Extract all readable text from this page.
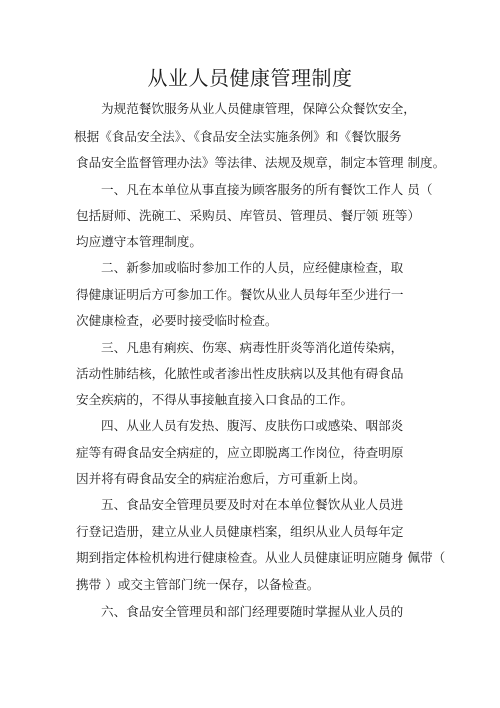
从业人员健康管理制度
为规范餐饮服务从业人员健康管理，保障公众餐饮安全，
根据《食品安全法》、《食品安全法实施条例》和《餐饮服务
食品安全监督管理办法》等法律、法规及规章，制定本管理 制度。
一、凡在本单位从事直接为顾客服务的所有餐饮工作人 员（
包括厨师、洗碗工、采购员、库管员、管理员、餐厅领 班等）
均应遵守本管理制度。
二、新参加或临时参加工作的人员，应经健康检查，取
得健康证明后方可参加工作。餐饮从业人员每年至少进行一
次健康检查，必要时接受临时检查。
三、凡患有痢疾、伤寒、病毒性肝炎等消化道传染病，
活动性肺结核，化脓性或者渗出性皮肤病以及其他有碍食品
安全疾病的，不得从事接触直接入口食品的工作。
四、从业人员有发热、腹泻、皮肤伤口或感染、咽部炎
症等有碍食品安全病症的，应立即脱离工作岗位，待查明原
因并将有碍食品安全的病症治愈后，方可重新上岗。
五、食品安全管理员要及时对在本单位餐饮从业人员进
行登记造册，建立从业人员健康档案，组织从业人员每年定
期到指定体检机构进行健康检查。从业人员健康证明应随身 佩带（
携带 ）或交主管部门统一保存，以备检查。
六、食品安全管理员和部门经理要随时掌握从业人员的
